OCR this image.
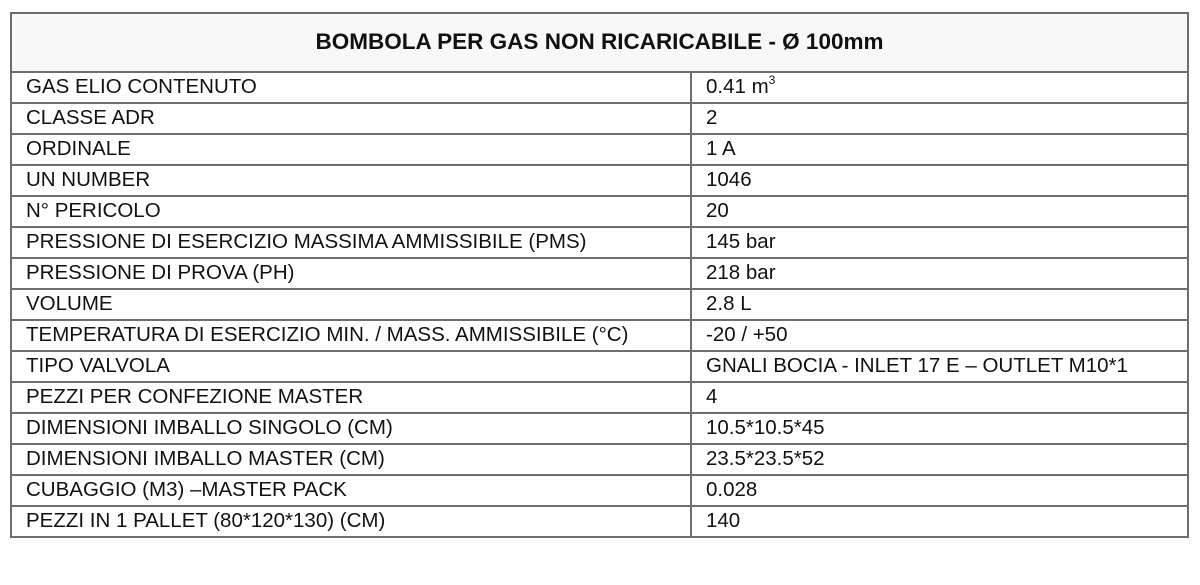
BOMBOLA PER GAS NON RICARICABILE - Ø 100mm	
GAS ELIO CONTENUTO	0.41 $m^3$
CLASSE ADR	2
ORDINALE	1 A
UN NUMBER	1046
N° PERICOLO	20
PRESSIONE DI ESERCIZIO MASSIMA AMMISSIBILE (PMS)	145 bar
PRESSIONE DI PROVA (PH)	218 bar
VOLUME	2.8 L
TEMPERATURA DI ESERCIZIO MIN. / MASS. AMMISSIBILE (°C)	-20 / +50
TIPO VALVOLA	GNALI BOCIA - INLET 17 E – OUTLET M10*1
PEZZI PER CONFEZIONE MASTER	4
DIMENSIONI IMBALLO SINGOLO (CM)	10.5*10.5*45
DIMENSIONI IMBALLO MASTER (CM)	23.5*23.5*52
CUBAGGIO (M3) –MASTER PACK	0.028
PEZZI IN 1 PALLET (80*120*130) (CM)	140
